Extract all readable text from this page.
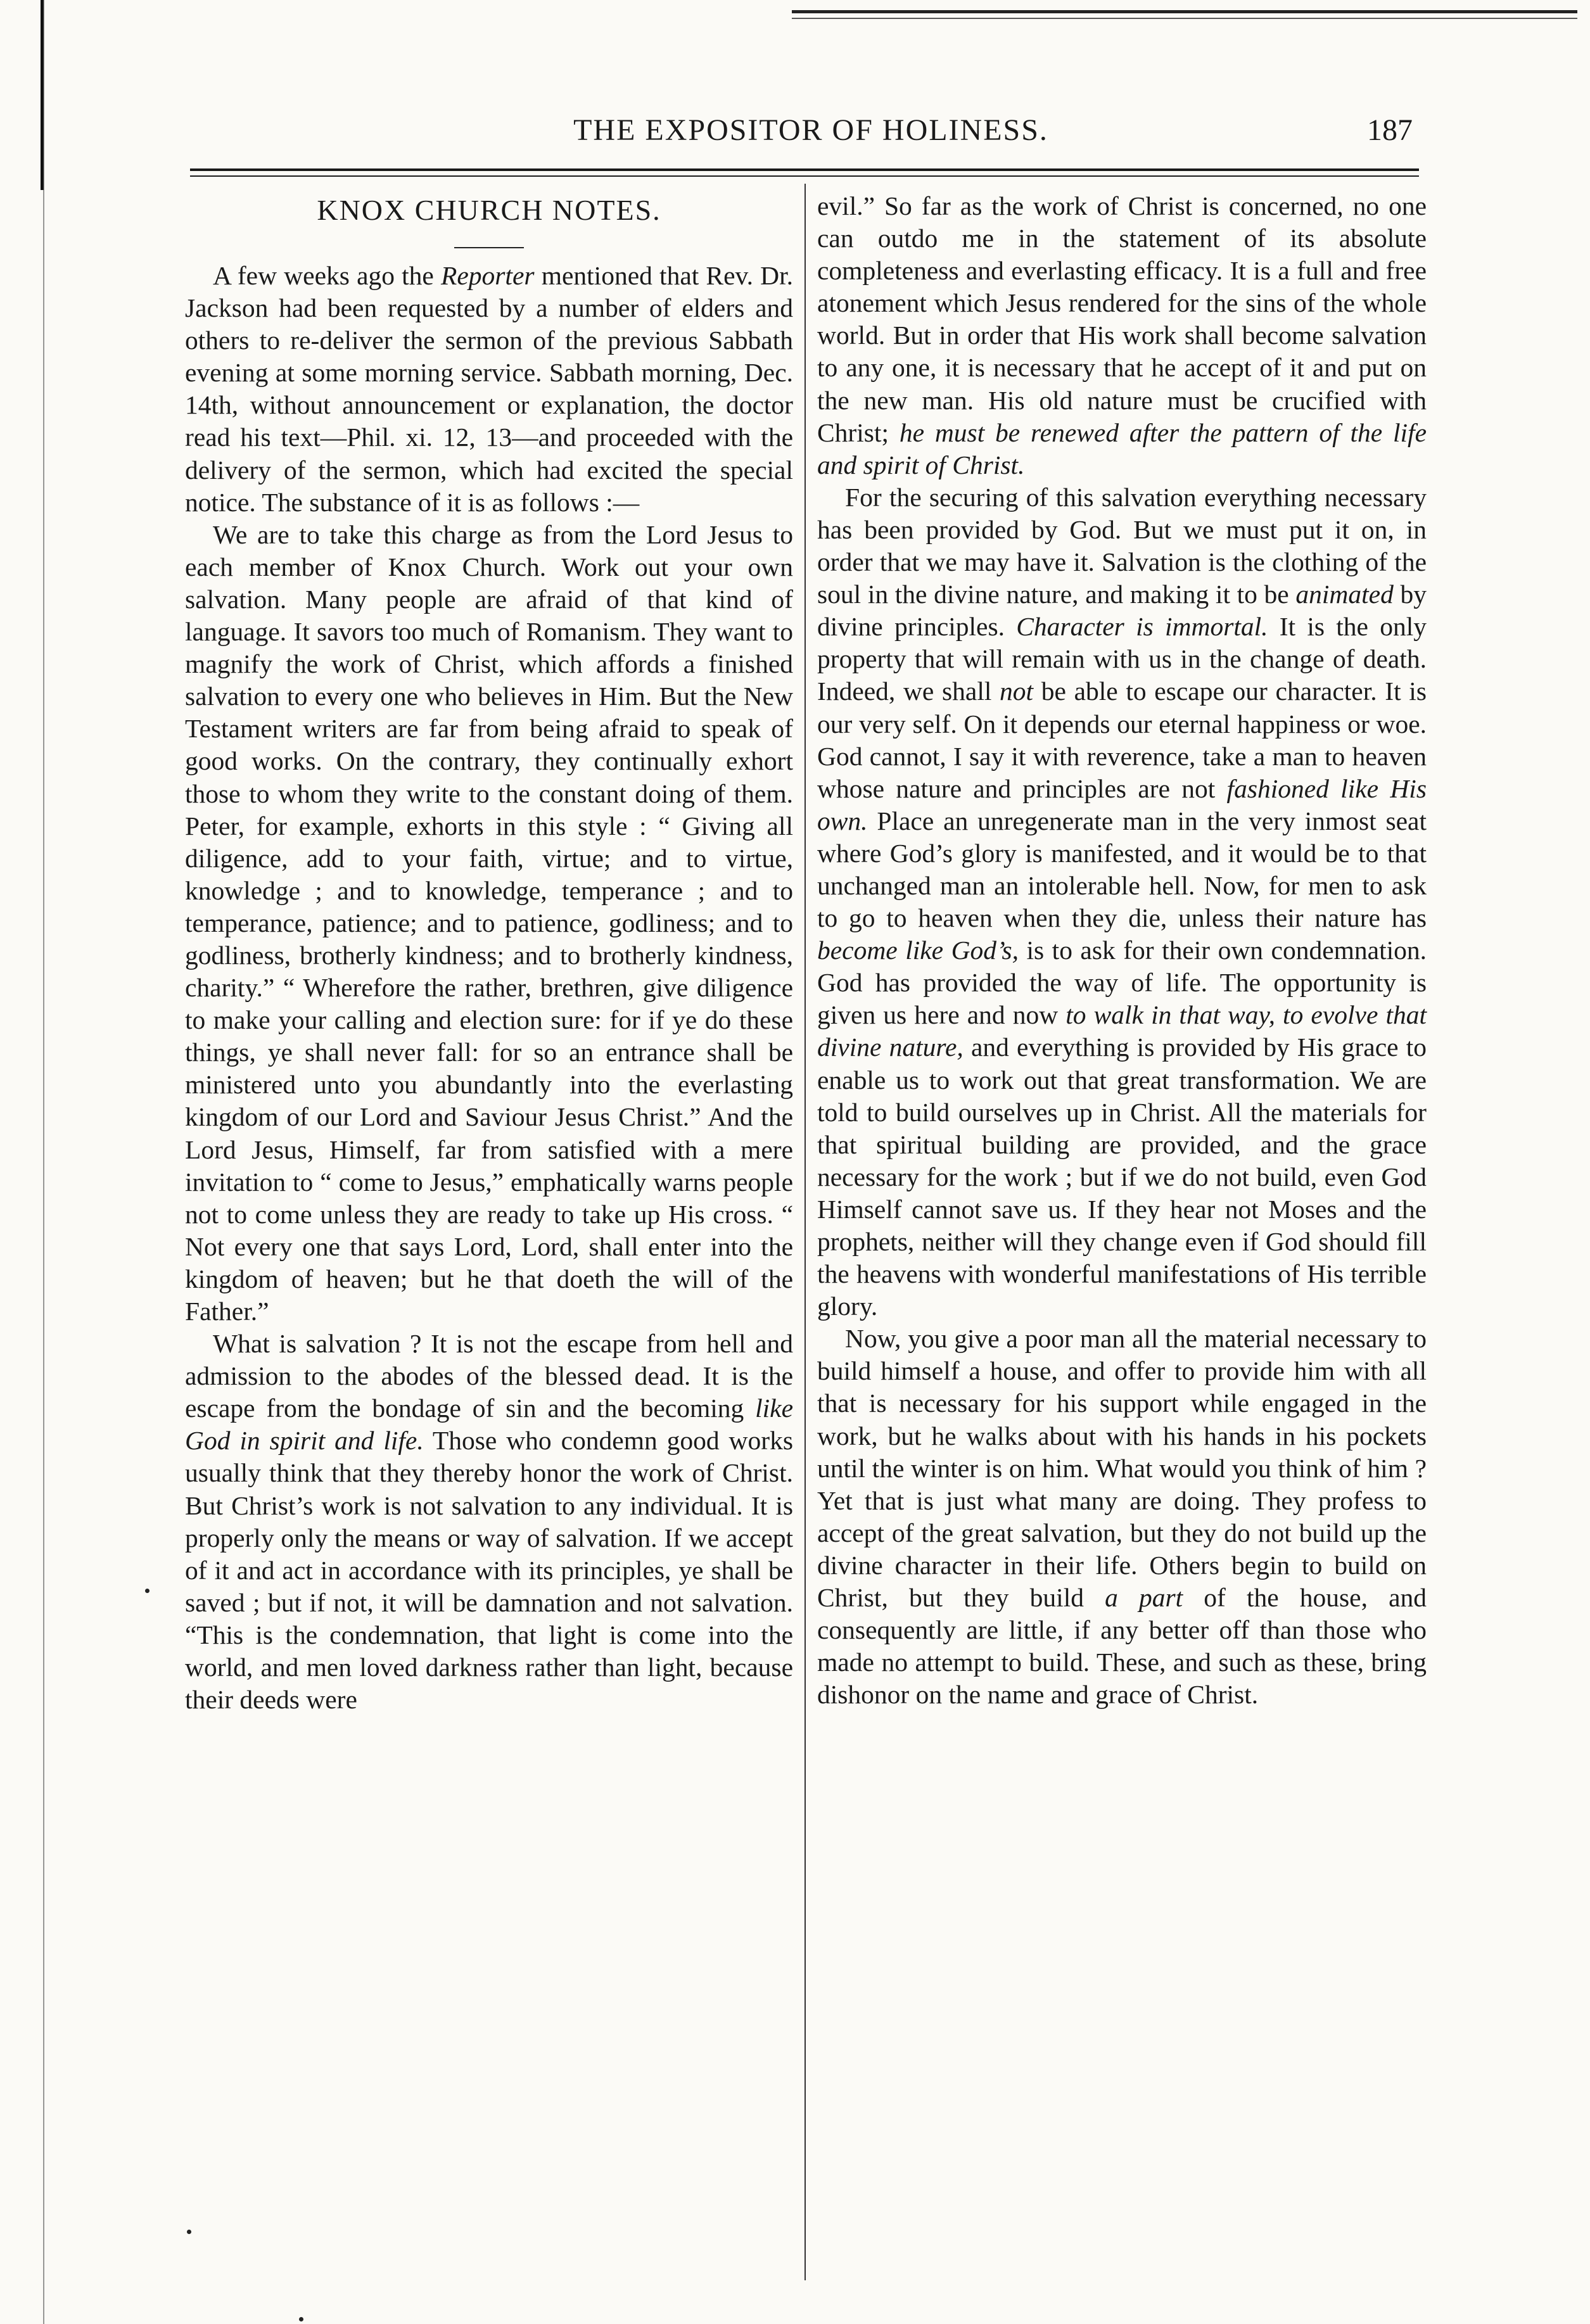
THE EXPOSITOR OF HOLINESS.	187
KNOX CHURCH NOTES.

A few weeks ago the Reporter mentioned that Rev. Dr. Jackson had been requested by a number of elders and others to re-deliver the sermon of the previous Sabbath evening at some morning service. Sabbath morning, Dec. 14th, without announcement or explanation, the doctor read his text—Phil. xi. 12, 13—and proceeded with the delivery of the sermon, which had excited the special notice. The substance of it is as follows :—

We are to take this charge as from the Lord Jesus to each member of Knox Church. Work out your own salvation. Many people are afraid of that kind of language. It savors too much of Romanism. They want to magnify the work of Christ, which affords a finished salvation to every one who believes in Him. But the New Testament writers are far from being afraid to speak of good works. On the contrary, they continually exhort those to whom they write to the constant doing of them. Peter, for example, exhorts in this style : “ Giving all diligence, add to your faith, virtue; and to virtue, knowledge ; and to knowledge, temperance ; and to temperance, patience; and to patience, godliness; and to godliness, brotherly kindness; and to brotherly kindness, charity.” “ Wherefore the rather, brethren, give diligence to make your calling and election sure: for if ye do these things, ye shall never fall: for so an entrance shall be ministered unto you abundantly into the everlasting kingdom of our Lord and Saviour Jesus Christ.” And the Lord Jesus, Himself, far from satisfied with a mere invitation to “ come to Jesus,” emphatically warns people not to come unless they are ready to take up His cross. “ Not every one that says Lord, Lord, shall enter into the kingdom of heaven; but he that doeth the will of the Father.”

What is salvation ? It is not the escape from hell and admission to the abodes of the blessed dead. It is the escape from the bondage of sin and the becoming like God in spirit and life. Those who condemn good works usually think that they thereby honor the work of Christ. But Christ’s work is not salvation to any individual. It is properly only the means or way of salvation. If we accept of it and act in accordance with its principles, ye shall be saved ; but if not, it will be damnation and not salvation. “This is the condemnation, that light is come into the world, and men loved darkness rather than light, because their deeds were

evil.” So far as the work of Christ is concerned, no one can outdo me in the statement of its absolute completeness and everlasting efficacy. It is a full and free atonement which Jesus rendered for the sins of the whole world. But in order that His work shall become salvation to any one, it is necessary that he accept of it and put on the new man. His old nature must be crucified with Christ; he must be renewed after the pattern of the life and spirit of Christ.

For the securing of this salvation everything necessary has been provided by God. But we must put it on, in order that we may have it. Salvation is the clothing of the soul in the divine nature, and making it to be animated by divine principles. Character is immortal. It is the only property that will remain with us in the change of death. Indeed, we shall not be able to escape our character. It is our very self. On it depends our eternal happiness or woe. God cannot, I say it with reverence, take a man to heaven whose nature and principles are not fashioned like His own. Place an unregenerate man in the very inmost seat where God’s glory is manifested, and it would be to that unchanged man an intolerable hell. Now, for men to ask to go to heaven when they die, unless their nature has become like God’s, is to ask for their own condemnation. God has provided the way of life. The opportunity is given us here and now to walk in that way, to evolve that divine nature, and everything is provided by His grace to enable us to work out that great transformation. We are told to build ourselves up in Christ. All the materials for that spiritual building are provided, and the grace necessary for the work ; but if we do not build, even God Himself cannot save us. If they hear not Moses and the prophets, neither will they change even if God should fill the heavens with wonderful manifestations of His terrible glory.

Now, you give a poor man all the material necessary to build himself a house, and offer to provide him with all that is necessary for his support while engaged in the work, but he walks about with his hands in his pockets until the winter is on him. What would you think of him ? Yet that is just what many are doing. They profess to accept of the great salvation, but they do not build up the divine character in their life. Others begin to build on Christ, but they build a part of the house, and consequently are little, if any better off than those who made no attempt to build. These, and such as these, bring dishonor on the name and grace of Christ.
